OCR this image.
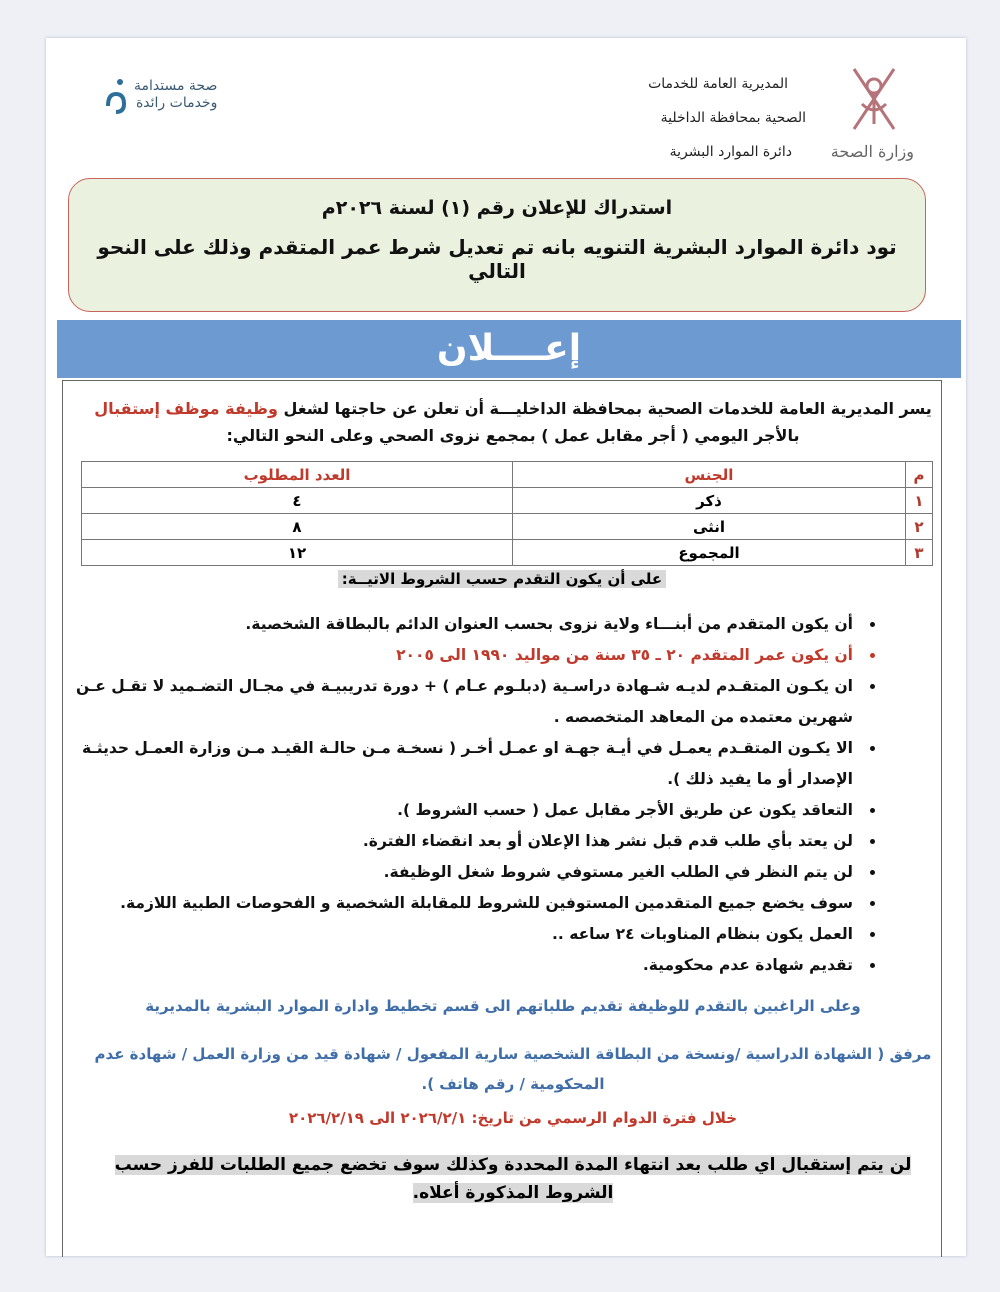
وزارة الصحة
المديرية العامة للخدمات
الصحية بمحافظة الداخلية
دائرة الموارد البشرية
صحة مستدامة
وخدمات رائدة
استدراك للإعلان رقم (١) لسنة ٢٠٢٦م
تود دائرة الموارد البشرية التنويه بانه تم تعديل شرط عمر المتقدم وذلك على النحو التالي
إعــــلان
يسر المديرية العامة للخدمات الصحية بمحافظة الداخليـــة أن تعلن عن حاجتها لشغل وظيفة موظف إستقبال
بالأجر اليومي ( أجر مقابل عمل ) بمجمع نزوى الصحي وعلى النحو التالي:
م	الجنس	العدد المطلوب
١	ذكر	٤
٢	انثى	٨
٣	المجموع	١٢
على أن يكون التقدم حسب الشروط الاتيــة:
• أن يكون المتقدم من أبنـــاء ولاية نزوى بحسب العنوان الدائم بالبطاقة الشخصية.
• أن يكون عمر المتقدم ٢٠ ـ ٣٥ سنة من مواليد ١٩٩٠ الى ٢٠٠٥
• ان يكـون المتقـدم لديـه شـهادة دراسـية (دبلـوم عـام ) + دورة تدريبيـة في مجـال التضـميد لا تقـل عـن شهرين معتمده من المعاهد المتخصصه .
• الا يكـون المتقـدم يعمـل في أيـة جهـة او عمـل أخـر ( نسخـة مـن حالـة القيـد مـن وزارة العمـل حديثـة الإصدار أو ما يفيد ذلك ).
• التعاقد يكون عن طريق الأجر مقابل عمل ( حسب الشروط ).
• لن يعتد بأي طلب قدم قبل نشر هذا الإعلان أو بعد انقضاء الفترة.
• لن يتم النظر في الطلب الغير مستوفي شروط شغل الوظيفة.
• سوف يخضع جميع المتقدمين المستوفين للشروط للمقابلة الشخصية و الفحوصات الطبية اللازمة.
• العمل يكون بنظام المناوبات ٢٤ ساعه ..
• تقديم شهادة عدم محكومية.
وعلى الراغبين بالتقدم للوظيفة تقديم طلباتهم الى قسم تخطيط وادارة الموارد البشرية بالمديرية
مرفق ( الشهادة الدراسية /ونسخة من البطاقة الشخصية سارية المفعول / شهادة قيد من وزارة العمل / شهادة عدم المحكومية / رقم هاتف ).
خلال فترة الدوام الرسمي من تاريخ: ٢٠٢٦/٢/١ الى ٢٠٢٦/٢/١٩
لن يتم إستقبال اي طلب بعد انتهاء المدة المحددة وكذلك سوف تخضع جميع الطلبات للفرز حسب الشروط المذكورة أعلاه.
